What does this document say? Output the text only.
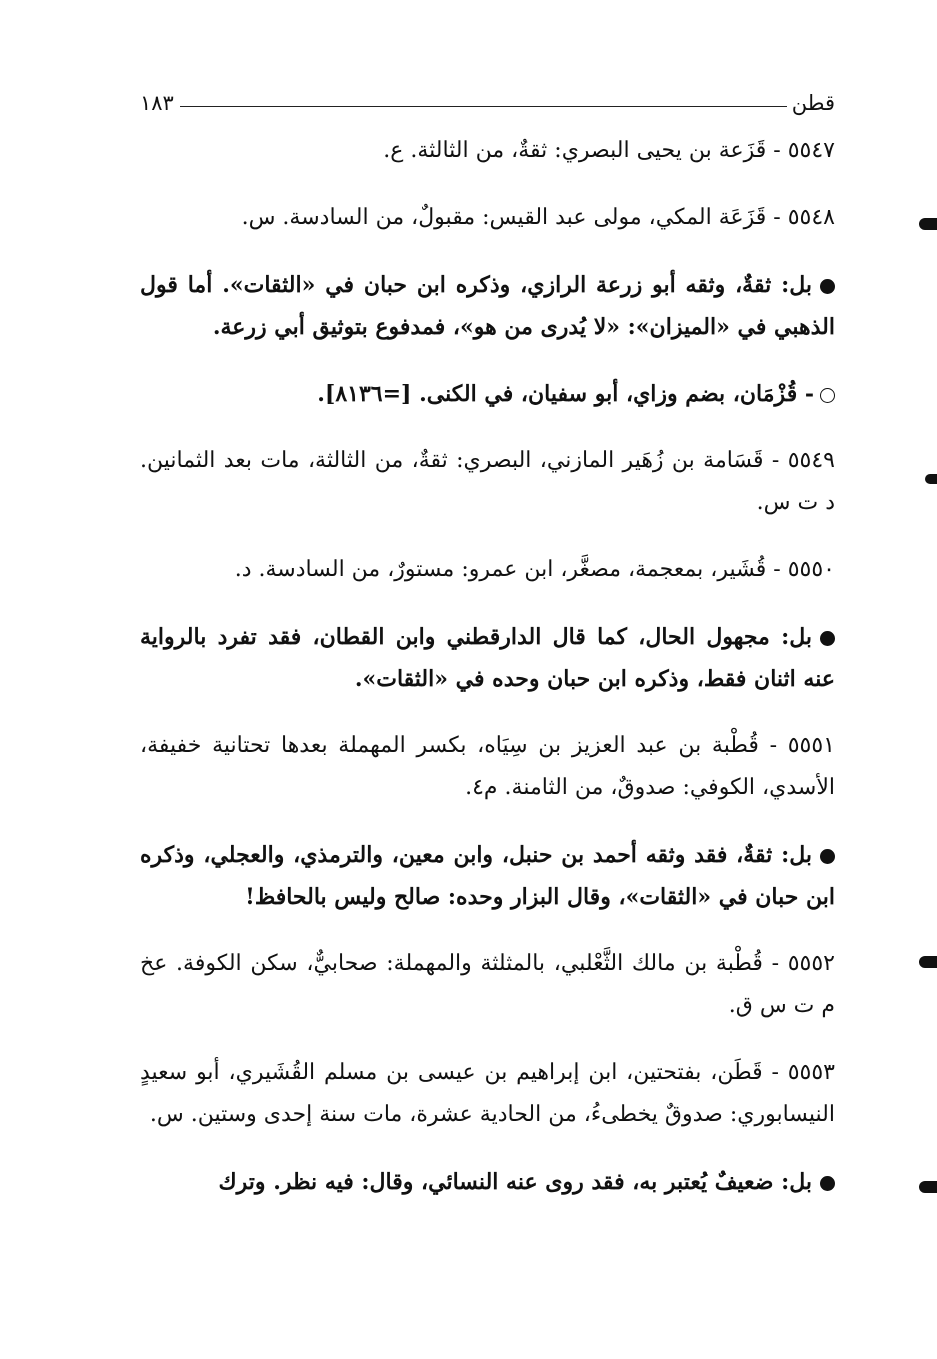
قطن
١٨٣

٥٥٤٧ - قَزَعة بن يحيى البصري: ثقةٌ، من الثالثة. ع.

٥٥٤٨ - قَزَعَة المكي، مولى عبد القيس: مقبولٌ، من السادسة. س.

بل: ثقةٌ، وثقه أبو زرعة الرازي، وذكره ابن حبان في «الثقات». أما قول الذهبي في «الميزان»: «لا يُدرى من هو»، فمدفوع بتوثيق أبي زرعة.

- قُزْمَان، بضم وزاي، أبو سفيان، في الكنى. [=٨١٣٦].

٥٥٤٩ - قَسَامة بن زُهَير المازني، البصري: ثقةٌ، من الثالثة، مات بعد الثمانين. د ت س.

٥٥٥٠ - قُشَير، بمعجمة، مصغَّر، ابن عمرو: مستورٌ، من السادسة. د.

بل: مجهول الحال، كما قال الدارقطني وابن القطان، فقد تفرد بالرواية عنه اثنان فقط، وذكره ابن حبان وحده في «الثقات».

٥٥٥١ - قُطْبة بن عبد العزيز بن سِيَاه، بكسر المهملة بعدها تحتانية خفيفة، الأسدي، الكوفي: صدوقٌ، من الثامنة. م٤.

بل: ثقةٌ، فقد وثقه أحمد بن حنبل، وابن معين، والترمذي، والعجلي، وذكره ابن حبان في «الثقات»، وقال البزار وحده: صالح وليس بالحافظ!

٥٥٥٢ - قُطْبة بن مالك الثَّعْلبي، بالمثلثة والمهملة: صحابيٌّ، سكن الكوفة. عخ م ت س ق.

٥٥٥٣ - قَطَن، بفتحتين، ابن إبراهيم بن عيسى بن مسلم القُشَيري، أبو سعيدٍ النيسابوري: صدوقٌ يخطىءُ، من الحادية عشرة، مات سنة إحدى وستين. س.

بل: ضعيفٌ يُعتبر به، فقد روى عنه النسائي، وقال: فيه نظر. وترك
